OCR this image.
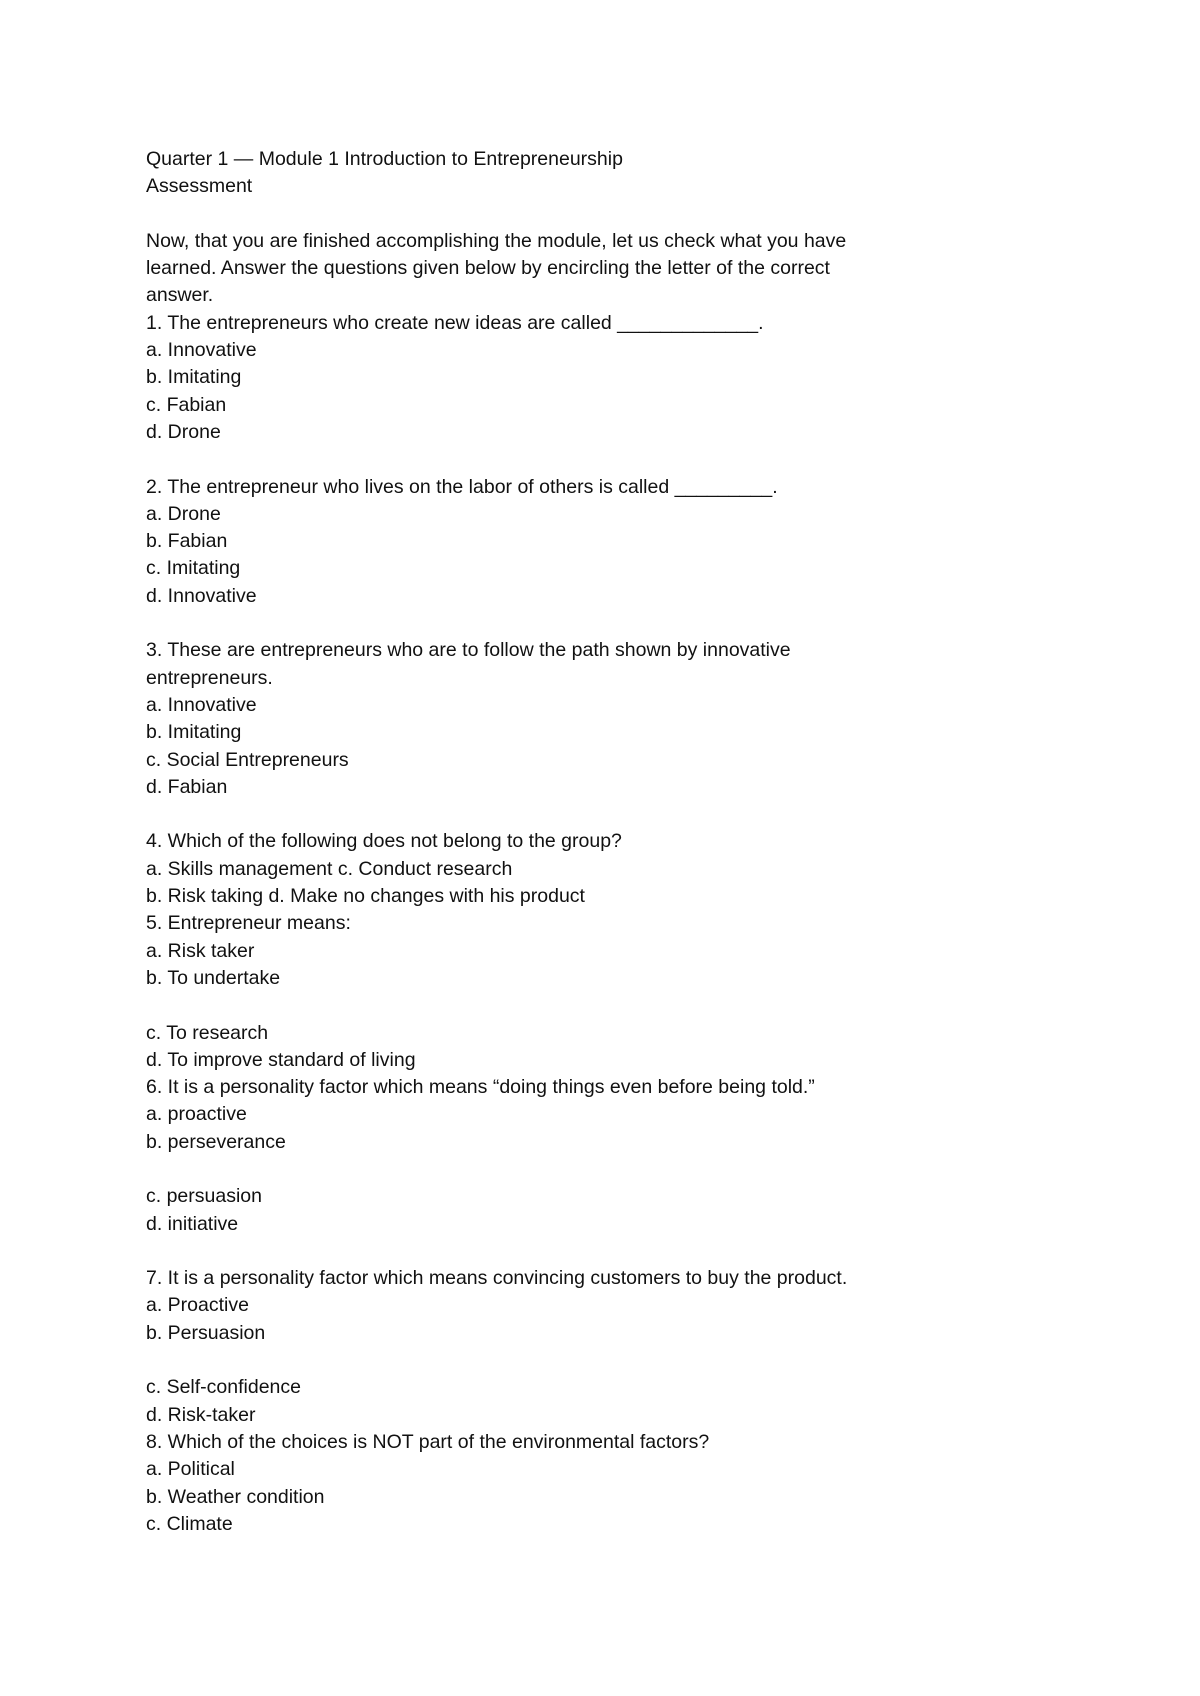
Quarter 1 — Module 1 Introduction to Entrepreneurship
Assessment
Now, that you are finished accomplishing the module, let us check what you have
learned. Answer the questions given below by encircling the letter of the correct
answer.
1. The entrepreneurs who create new ideas are called _____________.
a. Innovative
b. Imitating
c. Fabian
d. Drone
2. The entrepreneur who lives on the labor of others is called _________.
a. Drone
b. Fabian
c. Imitating
d. Innovative
3. These are entrepreneurs who are to follow the path shown by innovative
entrepreneurs.
a. Innovative
b. Imitating
c. Social Entrepreneurs
d. Fabian
4. Which of the following does not belong to the group?
a. Skills management c. Conduct research
b. Risk taking d. Make no changes with his product
5. Entrepreneur means:
a. Risk taker
b. To undertake
c. To research
d. To improve standard of living
6. It is a personality factor which means “doing things even before being told.”
a. proactive
b. perseverance
c. persuasion
d. initiative
7. It is a personality factor which means convincing customers to buy the product.
a. Proactive
b. Persuasion
c. Self-confidence
d. Risk-taker
8. Which of the choices is NOT part of the environmental factors?
a. Political
b. Weather condition
c. Climate
